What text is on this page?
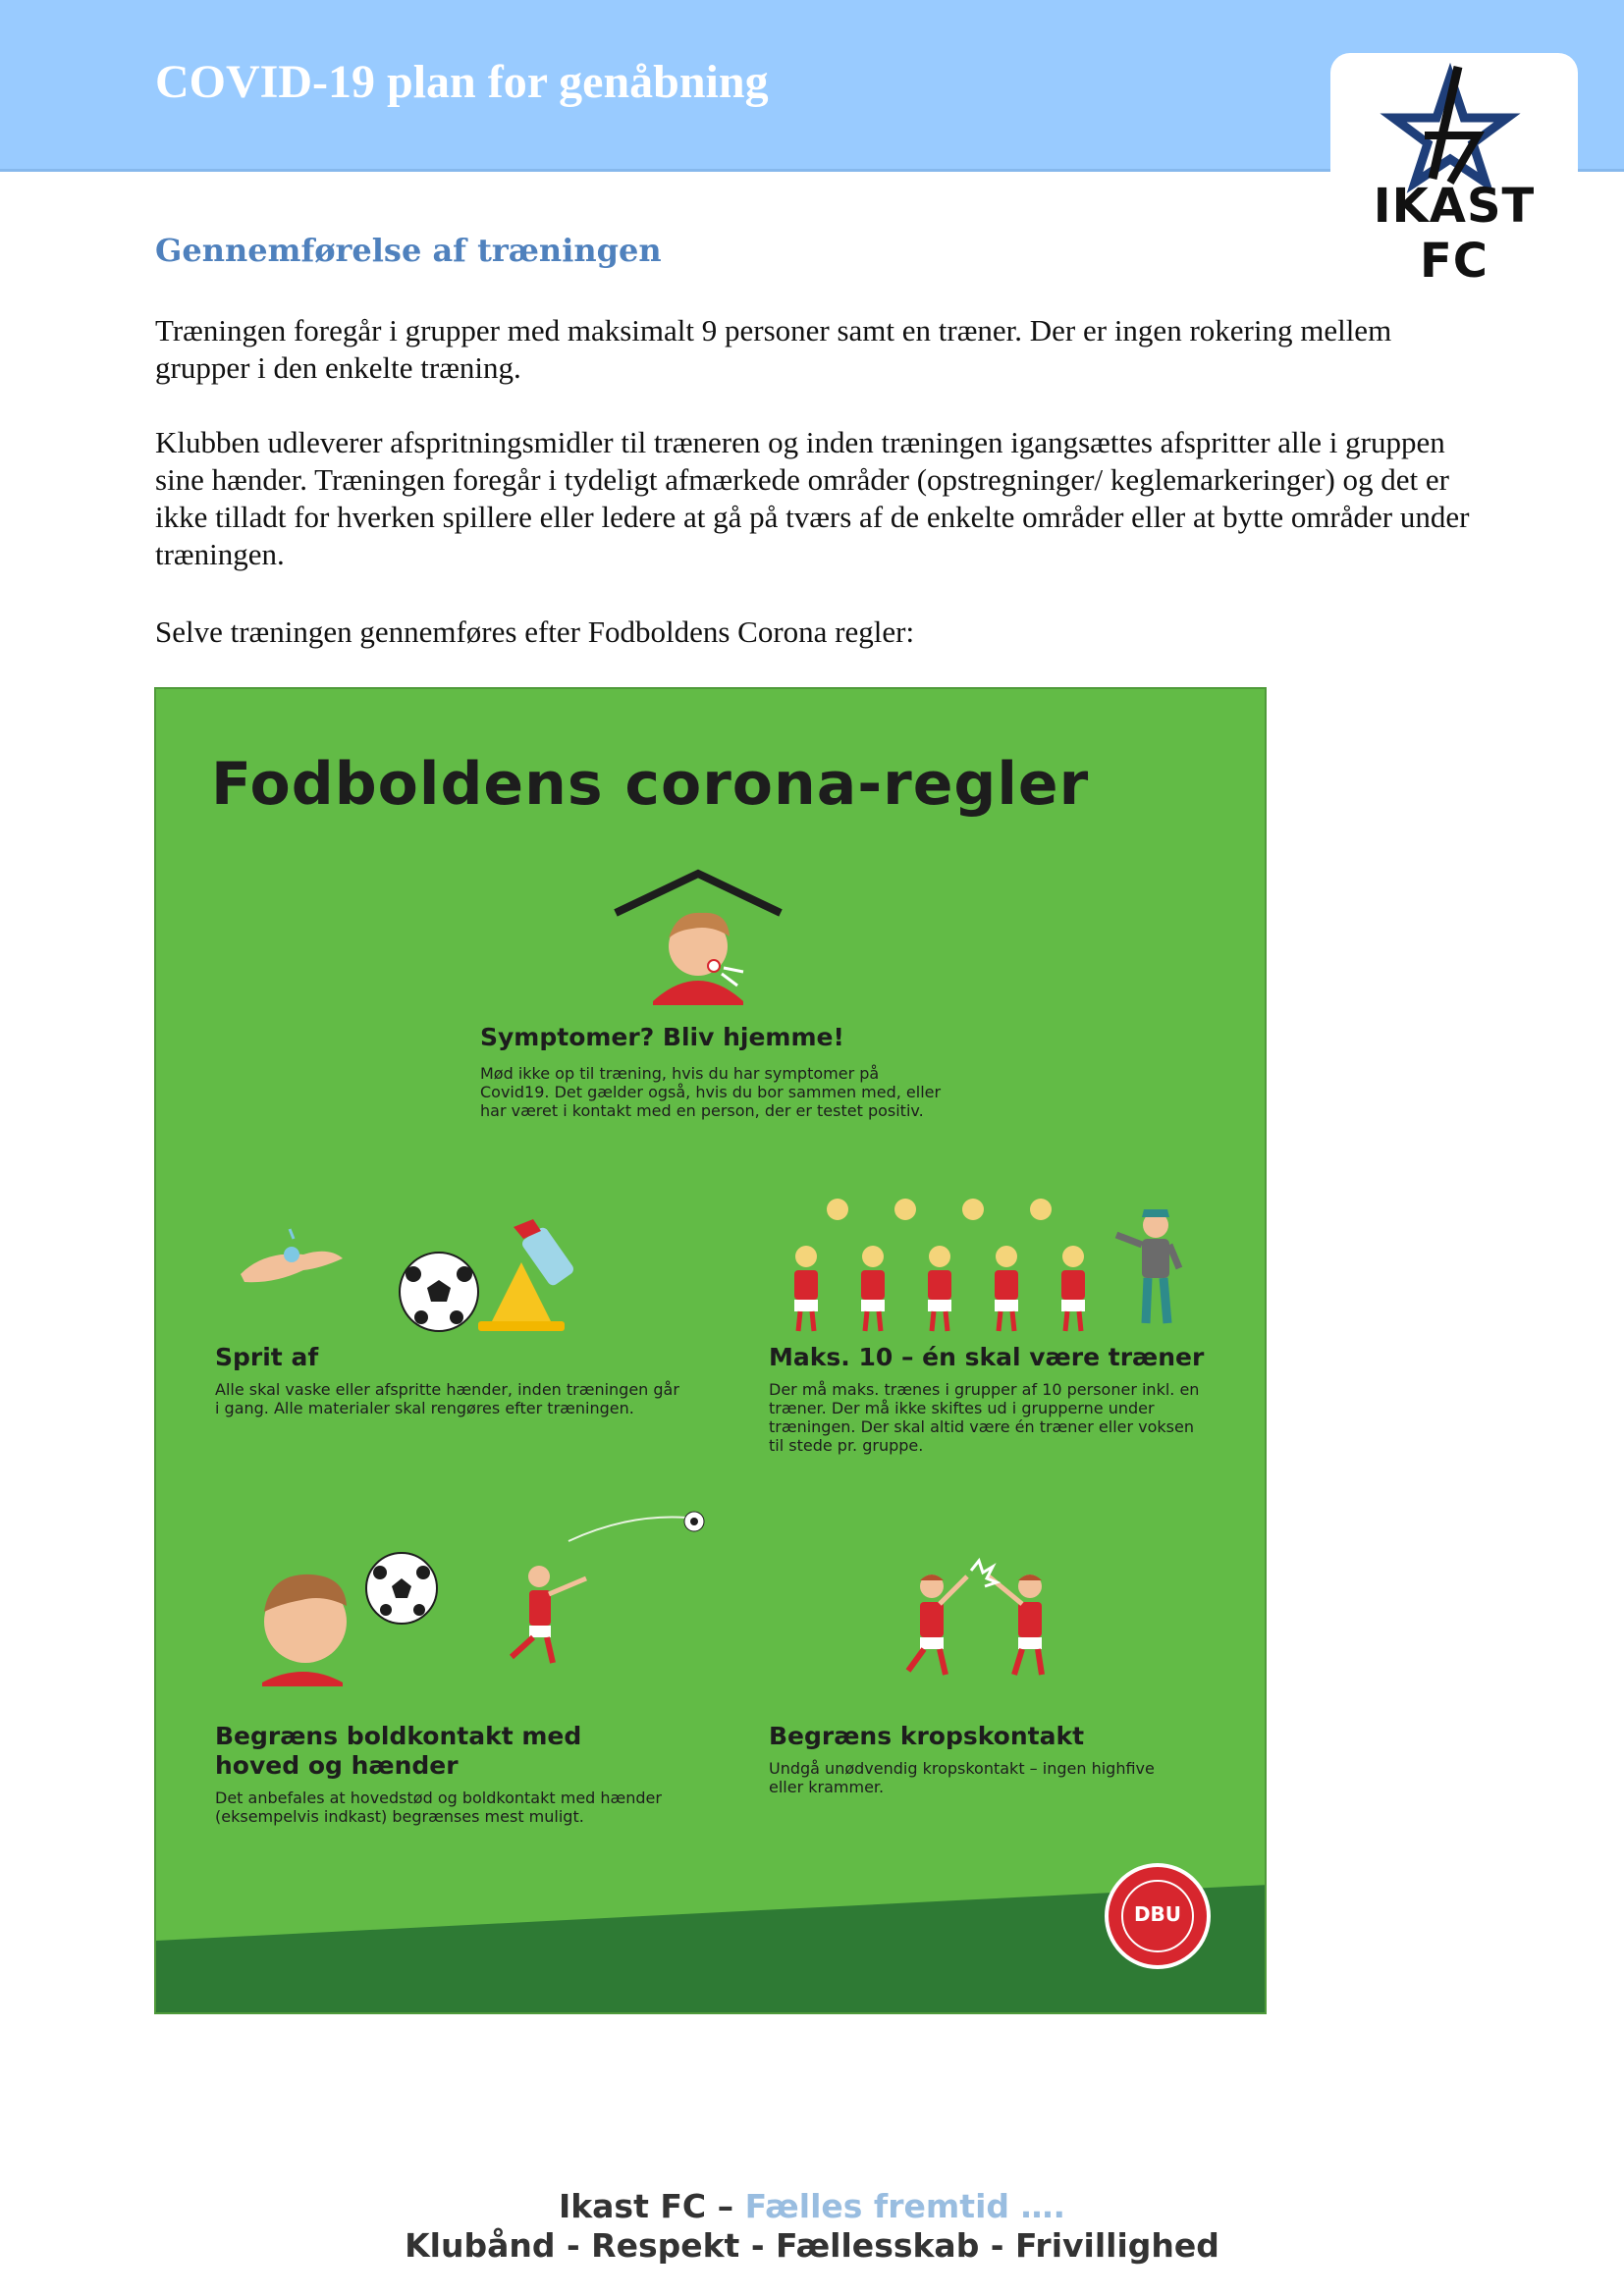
COVID-19 plan for genåbning
IKAST FC
Gennemførelse af træningen

Træningen foregår i grupper med maksimalt 9 personer samt en træner. Der er ingen rokering mellem grupper i den enkelte træning.

Klubben udleverer afspritningsmidler til træneren og inden træningen igangsættes afspritter alle i gruppen sine hænder. Træningen foregår i tydeligt afmærkede områder (opstregninger/ keglemarkeringer) og det er ikke tilladt for hverken spillere eller ledere at gå på tværs af de enkelte områder eller at bytte områder under træningen.

Selve træningen gennemføres efter Fodboldens Corona regler:

Fodboldens corona-regler
Symptomer? Bliv hjemme!
Mød ikke op til træning, hvis du har symptomer på Covid19. Det gælder også, hvis du bor sammen med, eller har været i kontakt med en person, der er testet positiv.
Sprit af
Alle skal vaske eller afspritte hænder, inden træningen går i gang. Alle materialer skal rengøres efter træningen.
Maks. 10 – én skal være træner
Der må maks. trænes i grupper af 10 personer inkl. en træner. Der må ikke skiftes ud i grupperne under træningen. Der skal altid være én træner eller voksen til stede pr. gruppe.
Begræns boldkontakt med hoved og hænder
Det anbefales at hovedstød og boldkontakt med hænder (eksempelvis indkast) begrænses mest muligt.
Begræns kropskontakt
Undgå unødvendig kropskontakt – ingen highfive eller krammer.
DBU
Ikast FC – Fælles fremtid ….
Klubånd - Respekt - Fællesskab - Frivillighed
